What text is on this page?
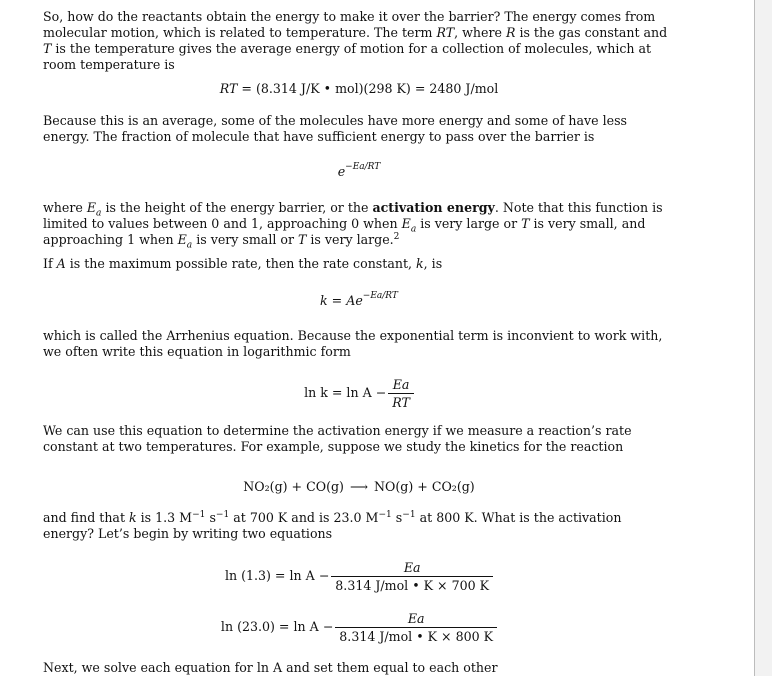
So, how do the reactants obtain the energy to make it over the barrier? The energy comes from molecular motion, which is related to temperature. The term RT, where R is the gas constant and T is the temperature gives the average energy of motion for a collection of molecules, which at room temperature is

RT = (8.314 J/K • mol)(298 K) = 2480 J/mol

Because this is an average, some of the molecules have more energy and some of have less energy. The fraction of molecule that have sufficient energy to pass over the barrier is

$e^{-Ea/RT}$

where $E_a$ is the height of the energy barrier, or the activation energy. Note that this function is limited to values between 0 and 1, approaching 0 when $E_a$ is very large or T is very small, and approaching 1 when $E_a$ is very small or T is very large.$^2$

If A is the maximum possible rate, then the rate constant, k, is

$k = Ae^{-Ea/RT}$

which is called the Arrhenius equation. Because the exponential term is inconvient to work with, we often write this equation in logarithmic form

$\ln k = \ln A - \frac{Ea}{RT}$

We can use this equation to determine the activation energy if we measure a reaction’s rate constant at two temperatures. For example, suppose we study the kinetics for the reaction

NO₂(g) + CO(g) ⟶ NO(g) + CO₂(g)

and find that k is 1.3 $M^{-1}$ $s^{-1}$ at 700 K and is 23.0 $M^{-1}$ $s^{-1}$ at 800 K. What is the activation energy? Let’s begin by writing two equations

$\ln (1.3) = \ln A - \frac{Ea}{\text{8.314 J/mol • K × 700 K}}$
$\ln (23.0) = \ln A - \frac{Ea}{\text{8.314 J/mol • K × 800 K}}$

Next, we solve each equation for ln A and set them equal to each other
